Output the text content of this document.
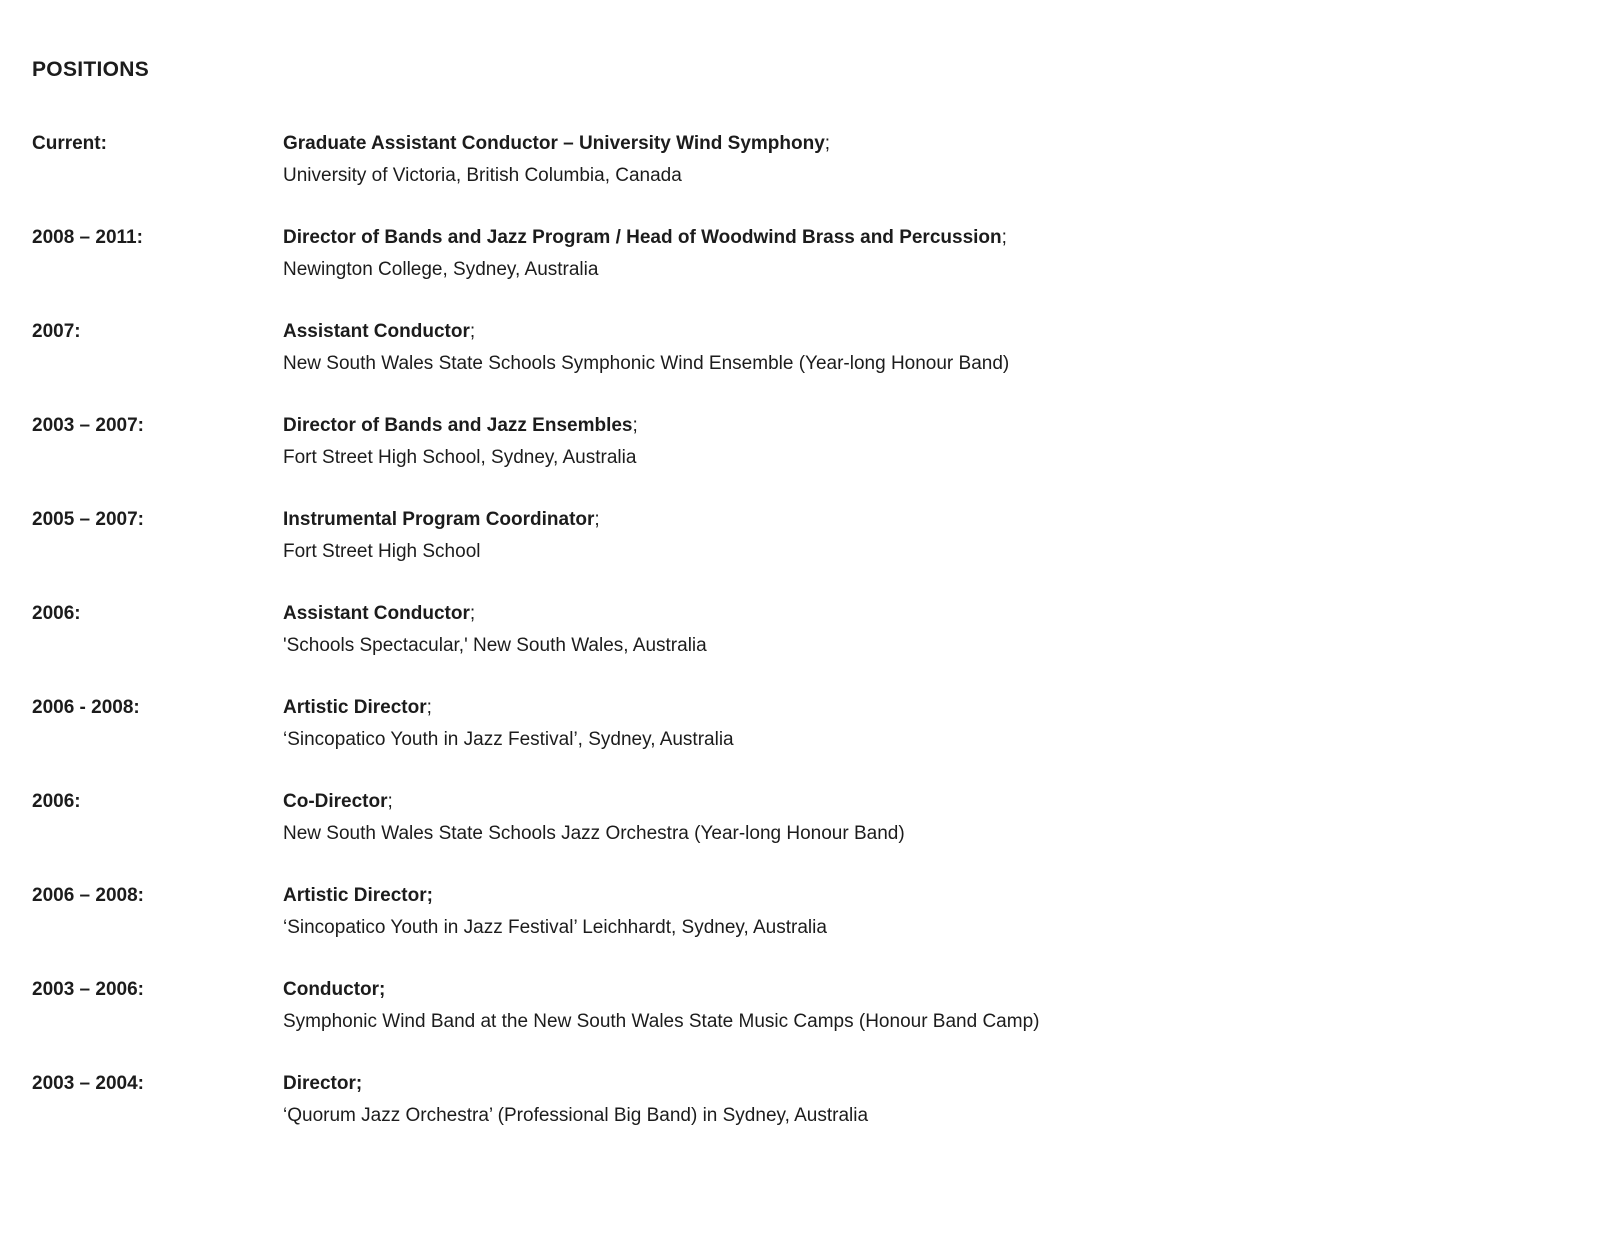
POSITIONS
Current:	Graduate Assistant Conductor – University Wind Symphony;
University of Victoria, British Columbia, Canada
2008 – 2011:	Director of Bands and Jazz Program / Head of Woodwind Brass and Percussion;
Newington College, Sydney, Australia
2007:	Assistant Conductor;
New South Wales State Schools Symphonic Wind Ensemble (Year-long Honour Band)
2003 – 2007:	Director of Bands and Jazz Ensembles;
Fort Street High School, Sydney, Australia
2005 – 2007:	Instrumental Program Coordinator;
Fort Street High School
2006:	Assistant Conductor;
'Schools Spectacular,' New South Wales, Australia
2006 - 2008:	Artistic Director;
‘Sincopatico Youth in Jazz Festival’, Sydney, Australia
2006:	Co-Director;
New South Wales State Schools Jazz Orchestra (Year-long Honour Band)
2006 – 2008:	Artistic Director;
‘Sincopatico Youth in Jazz Festival’ Leichhardt, Sydney, Australia
2003 – 2006:	Conductor;
Symphonic Wind Band at the New South Wales State Music Camps (Honour Band Camp)
2003 – 2004:	Director;
‘Quorum Jazz Orchestra’ (Professional Big Band) in Sydney, Australia
